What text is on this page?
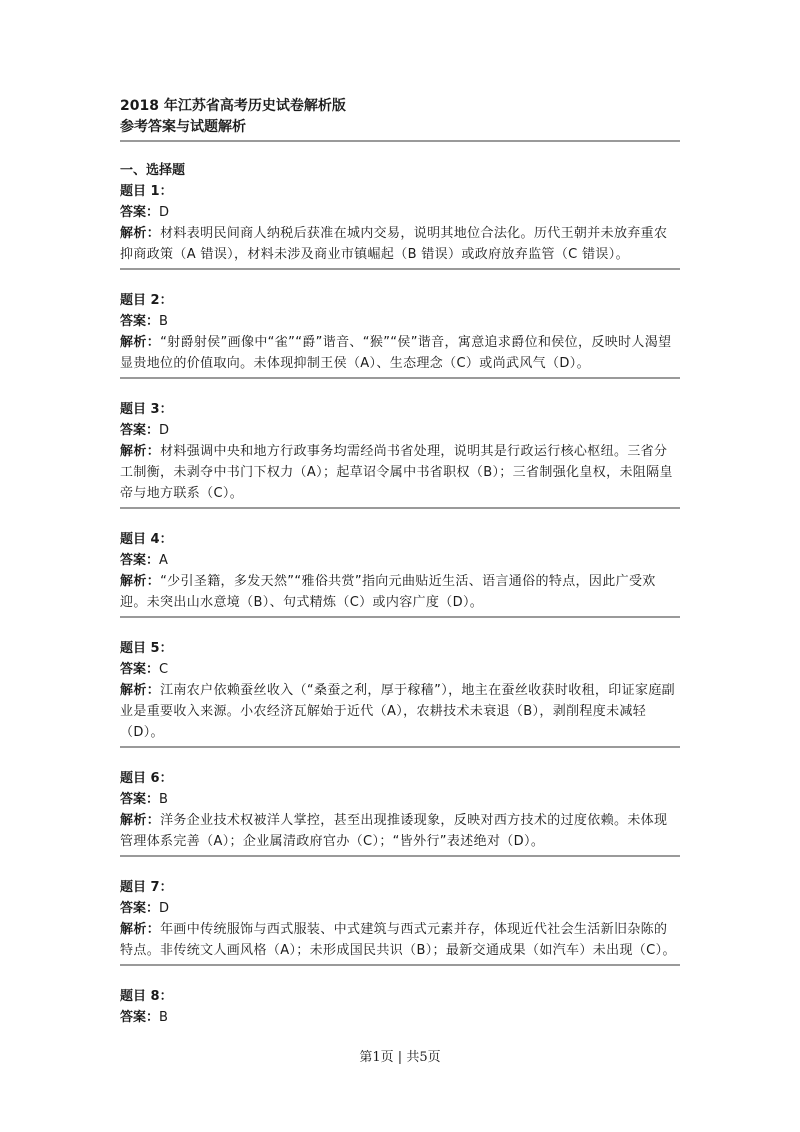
2018 年江苏省高考历史试卷解析版
参考答案与试题解析
一、选择题
题目 1：
答案：D
解析：材料表明民间商人纳税后获准在城内交易，说明其地位合法化。历代王朝并未放弃重农抑商政策（A 错误），材料未涉及商业市镇崛起（B 错误）或政府放弃监管（C 错误）。
题目 2：
答案：B
解析：“射爵射侯”画像中“雀”“爵”谐音、“猴”“侯”谐音，寓意追求爵位和侯位，反映时人渴望显贵地位的价值取向。未体现抑制王侯（A）、生态理念（C）或尚武风气（D）。
题目 3：
答案：D
解析：材料强调中央和地方行政事务均需经尚书省处理，说明其是行政运行核心枢纽。三省分工制衡，未剥夺中书门下权力（A）；起草诏令属中书省职权（B）；三省制强化皇权，未阻隔皇帝与地方联系（C）。
题目 4：
答案：A
解析：“少引圣籍，多发天然”“雅俗共赏”指向元曲贴近生活、语言通俗的特点，因此广受欢迎。未突出山水意境（B）、句式精炼（C）或内容广度（D）。
题目 5：
答案：C
解析：江南农户依赖蚕丝收入（“桑蚕之利，厚于稼穑”），地主在蚕丝收获时收租，印证家庭副业是重要收入来源。小农经济瓦解始于近代（A），农耕技术未衰退（B），剥削程度未减轻（D）。
题目 6：
答案：B
解析：洋务企业技术权被洋人掌控，甚至出现推诿现象，反映对西方技术的过度依赖。未体现管理体系完善（A）；企业属清政府官办（C）；“皆外行”表述绝对（D）。
题目 7：
答案：D
解析：年画中传统服饰与西式服装、中式建筑与西式元素并存，体现近代社会生活新旧杂陈的特点。非传统文人画风格（A）；未形成国民共识（B）；最新交通成果（如汽车）未出现（C）。
题目 8：
答案：B
第1页 | 共5页
